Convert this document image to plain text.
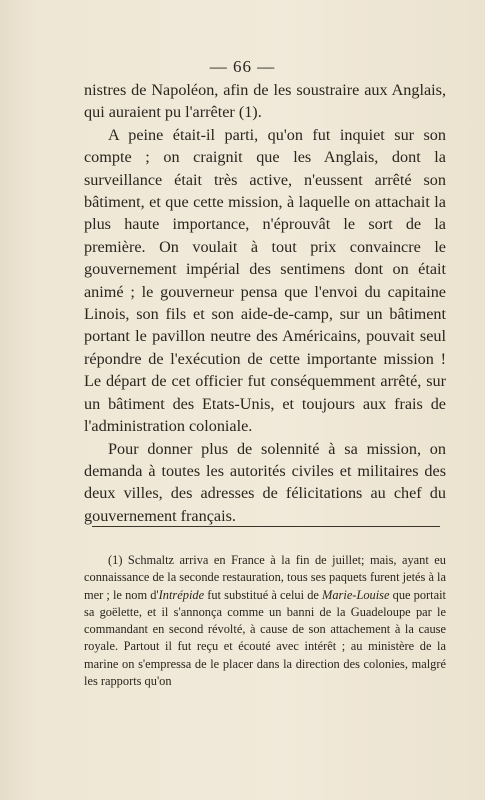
— 66 —

nistres de Napoléon, afin de les soustraire aux Anglais, qui auraient pu l'arrêter (1).

A peine était-il parti, qu'on fut inquiet sur son compte ; on craignit que les Anglais, dont la surveillance était très active, n'eussent arrêté son bâtiment, et que cette mission, à laquelle on attachait la plus haute importance, n'éprouvât le sort de la première. On voulait à tout prix convaincre le gouvernement impérial des sentimens dont on était animé ; le gouverneur pensa que l'envoi du capitaine Linois, son fils et son aide-de-camp, sur un bâtiment portant le pavillon neutre des Américains, pouvait seul répondre de l'exécution de cette importante mission ! Le départ de cet officier fut conséquemment arrêté, sur un bâtiment des Etats-Unis, et toujours aux frais de l'administration coloniale.

Pour donner plus de solennité à sa mission, on demanda à toutes les autorités civiles et militaires des deux villes, des adresses de félicitations au chef du gouvernement français.

(1) Schmaltz arriva en France à la fin de juillet; mais, ayant eu connaissance de la seconde restauration, tous ses paquets furent jetés à la mer ; le nom d'Intrépide fut substitué à celui de Marie-Louise que portait sa goëlette, et il s'annonça comme un banni de la Guadeloupe par le commandant en second révolté, à cause de son attachement à la cause royale. Partout il fut reçu et écouté avec intérêt ; au ministère de la marine on s'empressa de le placer dans la direction des colonies, malgré les rapports qu'on
